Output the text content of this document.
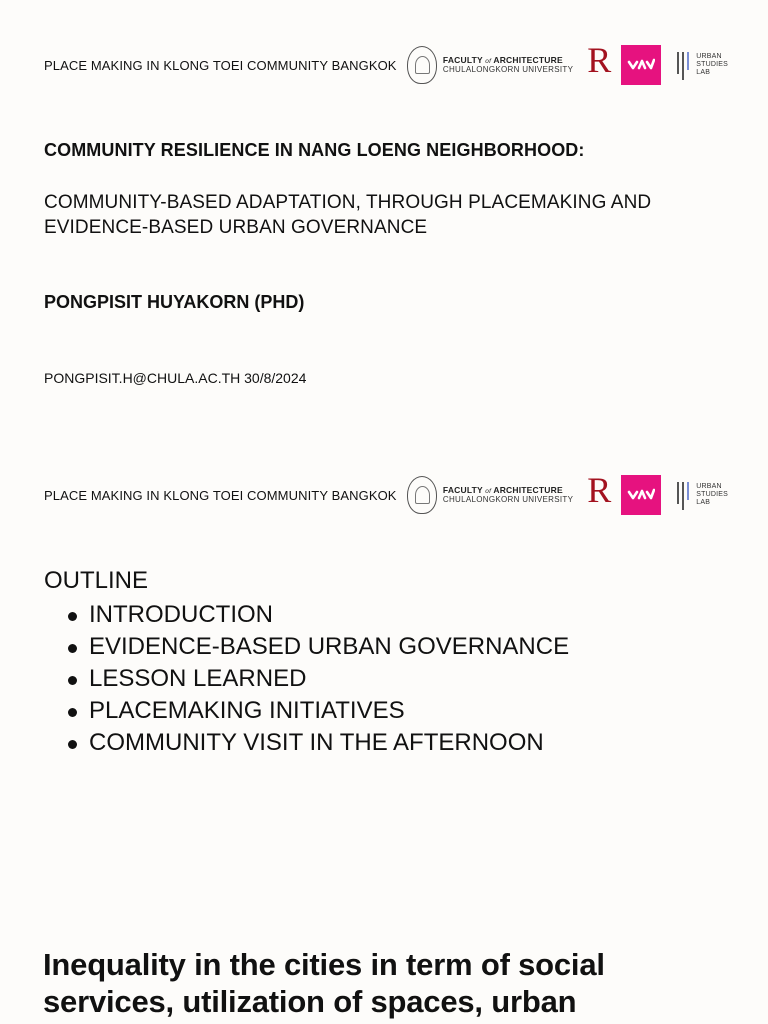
PLACE MAKING IN KLONG TOEI COMMUNITY BANGKOK	FACULTY of ARCHITECTURE
CHULALONGKORN UNIVERSITY R	URBAN
STUDIES
LAB
COMMUNITY RESILIENCE IN NANG LOENG NEIGHBORHOOD:
COMMUNITY-BASED ADAPTATION, THROUGH PLACEMAKING AND EVIDENCE-BASED URBAN GOVERNANCE
PONGPISIT HUYAKORN (PHD)
PONGPISIT.H@CHULA.AC.TH 30/8/2024
PLACE MAKING IN KLONG TOEI COMMUNITY BANGKOK	FACULTY of ARCHITECTURE
CHULALONGKORN UNIVERSITY R	URBAN
STUDIES
LAB
OUTLINE
INTRODUCTION
EVIDENCE-BASED URBAN GOVERNANCE
LESSON LEARNED
PLACEMAKING INITIATIVES
COMMUNITY VISIT IN THE AFTERNOON
Inequality in the cities in term of social services, utilization of spaces, urban
